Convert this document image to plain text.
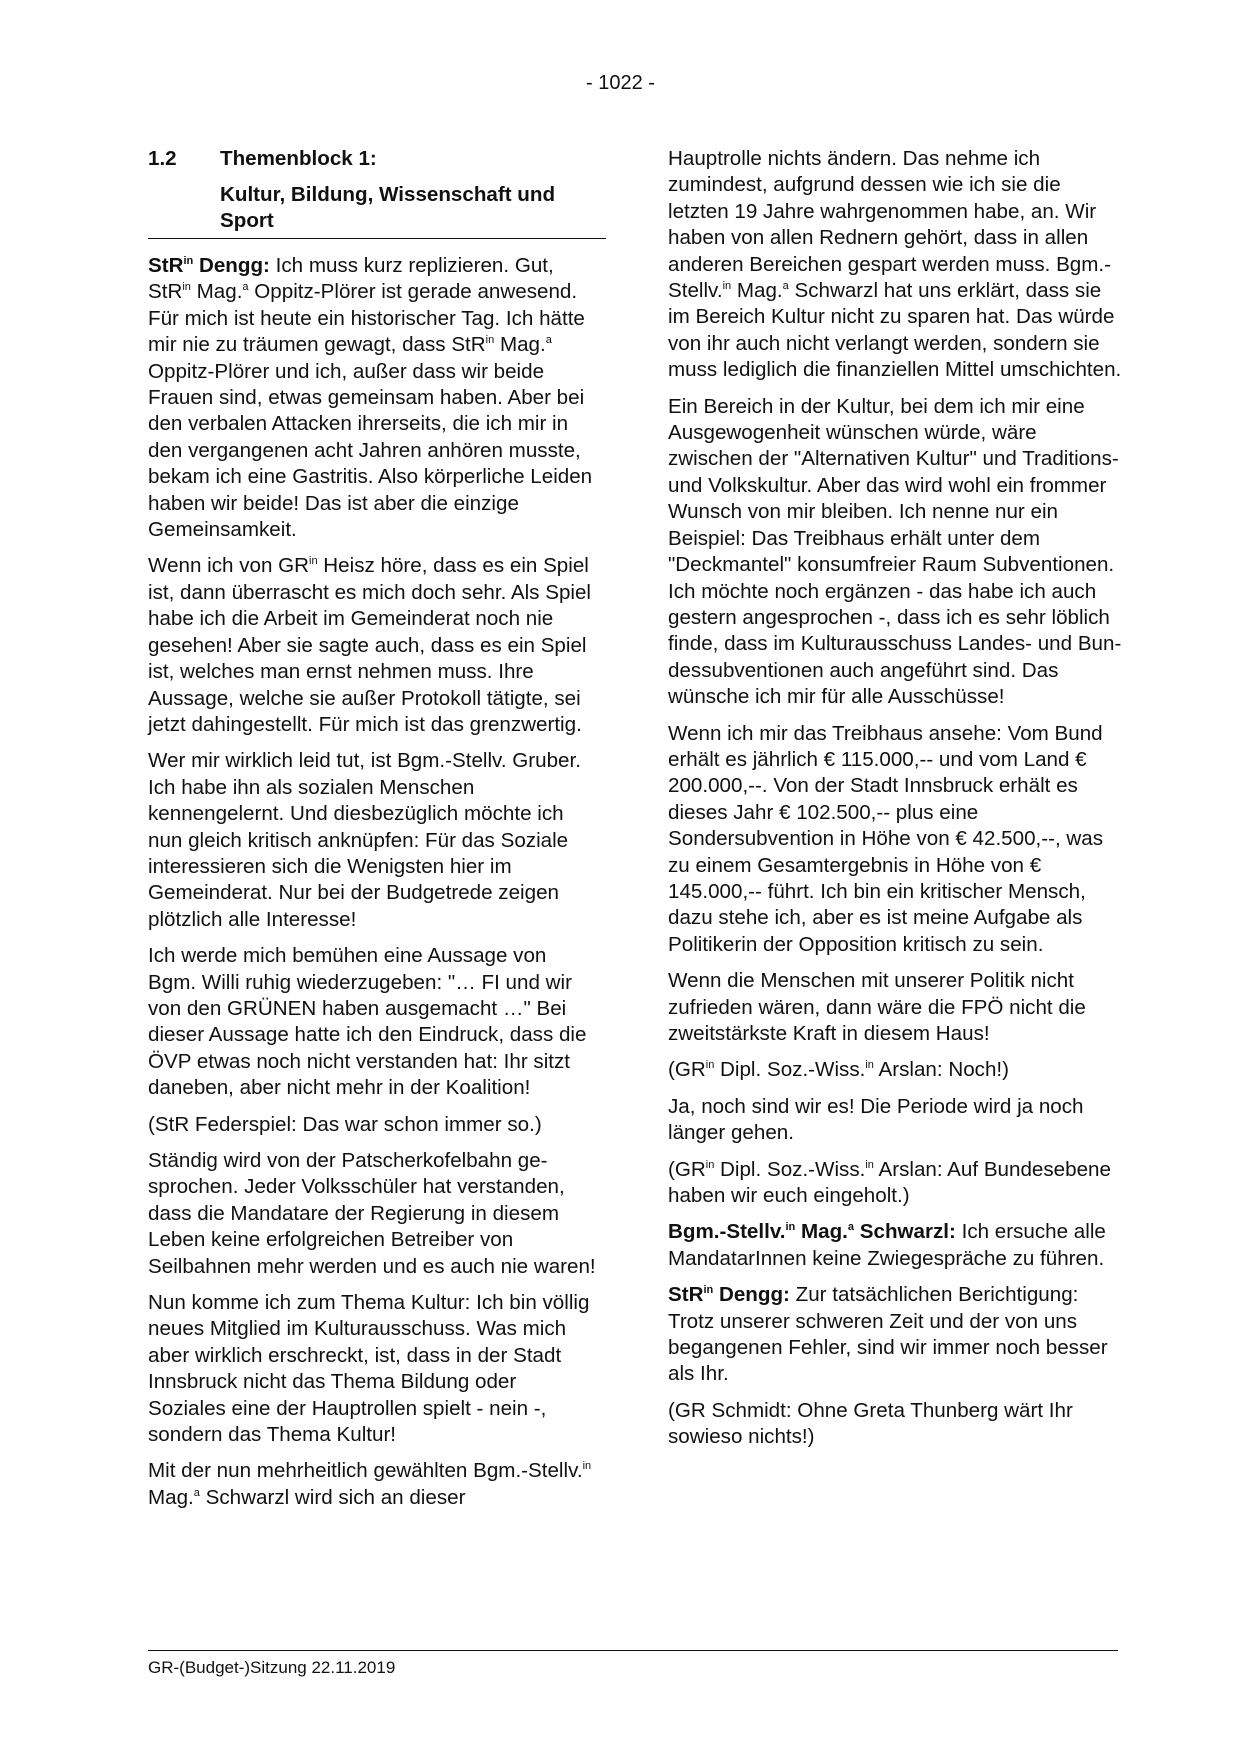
- 1022 -
1.2	Themenblock 1:
Kultur, Bildung, Wissenschaft und Sport

StR$^{in}$ Dengg: Ich muss kurz replizieren. Gut, StR$^{in}$ Mag.$^a$ Oppitz-Plörer ist gerade anwesend. Für mich ist heute ein historischer Tag. Ich hätte mir nie zu träumen gewagt, dass StR$^{in}$ Mag.$^a$ Oppitz-Plörer und ich, außer dass wir beide Frauen sind, etwas gemeinsam haben. Aber bei den verbalen Attacken ihrerseits, die ich mir in den vergangenen acht Jahren anhören musste, bekam ich eine Gastritis. Also körperliche Leiden haben wir beide! Das ist aber die einzige Gemeinsamkeit.

Wenn ich von $GR^{in}$ Heisz höre, dass es ein Spiel ist, dann überrascht es mich doch sehr. Als Spiel habe ich die Arbeit im Gemeinderat noch nie gesehen! Aber sie sagte auch, dass es ein Spiel ist, welches man ernst nehmen muss. Ihre Aussage, welche sie außer Protokoll tätigte, sei jetzt dahingestellt. Für mich ist das grenzwertig.

Wer mir wirklich leid tut, ist Bgm.-Stellv. Gruber. Ich habe ihn als sozialen Menschen kennengelernt. Und diesbezüglich möchte ich nun gleich kritisch anknüpfen: Für das Soziale interessieren sich die Wenigsten hier im Gemeinderat. Nur bei der Budgetrede zeigen plötzlich alle Interesse!

Ich werde mich bemühen eine Aussage von Bgm. Willi ruhig wiederzugeben: "… FI und wir von den GRÜNEN haben ausgemacht …" Bei dieser Aussage hatte ich den Eindruck, dass die ÖVP etwas noch nicht verstanden hat: Ihr sitzt daneben, aber nicht mehr in der Koalition!

(StR Federspiel: Das war schon immer so.)

Ständig wird von der Patscherkofelbahn gesprochen. Jeder Volksschüler hat verstanden, dass die Mandatare der Regierung in diesem Leben keine erfolgreichen Betreiber von Seilbahnen mehr werden und es auch nie waren!

Nun komme ich zum Thema Kultur: Ich bin völlig neues Mitglied im Kulturausschuss. Was mich aber wirklich erschreckt, ist, dass in der Stadt Innsbruck nicht das Thema Bildung oder Soziales eine der Hauptrollen spielt - nein -, sondern das Thema Kultur!

Mit der nun mehrheitlich gewählten Bgm.-Stellv.$^{in}$ Mag.$^a$ Schwarzl wird sich an dieser

Hauptrolle nichts ändern. Das nehme ich zumindest, aufgrund dessen wie ich sie die letzten 19 Jahre wahrgenommen habe, an. Wir haben von allen Rednern gehört, dass in allen anderen Bereichen gespart werden muss. Bgm.-Stellv.$^{in}$ Mag.$^a$ Schwarzl hat uns erklärt, dass sie im Bereich Kultur nicht zu sparen hat. Das würde von ihr auch nicht verlangt werden, sondern sie muss lediglich die finanziellen Mittel umschichten.

Ein Bereich in der Kultur, bei dem ich mir eine Ausgewogenheit wünschen würde, wäre zwischen der "Alternativen Kultur" und Traditions- und Volkskultur. Aber das wird wohl ein frommer Wunsch von mir bleiben. Ich nenne nur ein Beispiel: Das Treibhaus erhält unter dem "Deckmantel" konsumfreier Raum Subventionen. Ich möchte noch ergänzen - das habe ich auch gestern angesprochen -, dass ich es sehr löblich finde, dass im Kulturausschuss Landes- und Bundessubventionen auch angeführt sind. Das wünsche ich mir für alle Ausschüsse!

Wenn ich mir das Treibhaus ansehe: Vom Bund erhält es jährlich € 115.000,-- und vom Land € 200.000,--. Von der Stadt Innsbruck erhält es dieses Jahr € 102.500,-- plus eine Sondersubvention in Höhe von € 42.500,--, was zu einem Gesamtergebnis in Höhe von € 145.000,-- führt. Ich bin ein kritischer Mensch, dazu stehe ich, aber es ist meine Aufgabe als Politikerin der Opposition kritisch zu sein.

Wenn die Menschen mit unserer Politik nicht zufrieden wären, dann wäre die FPÖ nicht die zweitstärkste Kraft in diesem Haus!

($GR^{in}$ Dipl. Soz.-Wiss.$^{in}$ Arslan: Noch!)

Ja, noch sind wir es! Die Periode wird ja noch länger gehen.

($GR^{in}$ Dipl. Soz.-Wiss.$^{in}$ Arslan: Auf Bundesebene haben wir euch eingeholt.)

Bgm.-Stellv.$^{in}$ Mag.$^a$ Schwarzl: Ich ersuche alle MandatarInnen keine Zwiegespräche zu führen.

StR$^{in}$ Dengg: Zur tatsächlichen Berichtigung: Trotz unserer schweren Zeit und der von uns begangenen Fehler, sind wir immer noch besser als Ihr.

(GR Schmidt: Ohne Greta Thunberg wärt Ihr sowieso nichts!)

GR-(Budget-)Sitzung 22.11.2019
